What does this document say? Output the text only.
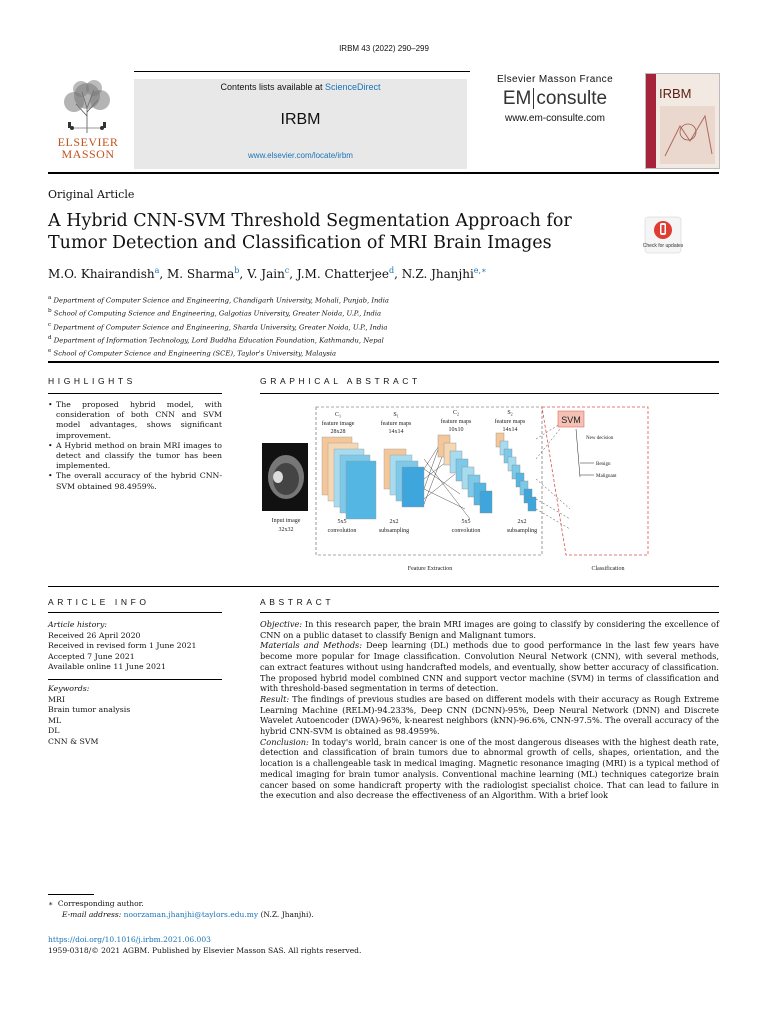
IRBM 43 (2022) 290–299
ELSEVIER
MASSON
Contents lists available at ScienceDirect
IRBM
www.elsevier.com/locate/irbm
Elsevier Masson France
EM consulte
www.em-consulte.com
IRBM
Original Article
A Hybrid CNN-SVM Threshold Segmentation Approach for Tumor Detection and Classification of MRI Brain Images	Check for updates
M.O. Khairandish$^a$, M. Sharma$^b$, V. Jain$^c$, J.M. Chatterjee$^d$, N.Z. Jhanjhi$^{e,∗}$
$^a$ Department of Computer Science and Engineering, Chandigarh University, Mohali, Punjab, India
$^b$ School of Computing Science and Engineering, Galgotias University, Greater Noida, U.P., India
$^c$ Department of Computer Science and Engineering, Sharda University, Greater Noida, U.P., India
$^d$ Department of Information Technology, Lord Buddha Education Foundation, Kathmandu, Nepal
$^e$ School of Computer Science and Engineering (SCE), Taylor's University, Malaysia
HIGHLIGHTS
• The proposed hybrid model, with consideration of both CNN and SVM model advantages, shows significant improvement.
• A Hybrid method on brain MRI images to detect and classify the tumor has been implemented.
• The overall accuracy of the hybrid CNN-SVM obtained 98.4959%.
GRAPHICAL ABSTRACT
Input image
32x32
$C_1$
feature image
28x28
$S_1$
feature maps
14x14
$C_2$
feature maps
10x10
$S_2$
feature maps
14x14
5x5
convolution
2x2
subsampling
5x5
convolution
2x2
subsampling
SVM
New decision
Benign
Malignant
Feature Extraction	Classification
ARTICLE INFO
Article history:
Received 26 April 2020
Received in revised form 1 June 2021
Accepted 7 June 2021
Available online 11 June 2021
Keywords:
MRI
Brain tumor analysis
ML
DL
CNN & SVM
ABSTRACT
Objective: In this research paper, the brain MRI images are going to classify by considering the excellence of CNN on a public dataset to classify Benign and Malignant tumors.
Materials and Methods: Deep learning (DL) methods due to good performance in the last few years have become more popular for Image classification. Convolution Neural Network (CNN), with several methods, can extract features without using handcrafted models, and eventually, show better accuracy of classification. The proposed hybrid model combined CNN and support vector machine (SVM) in terms of classification and with threshold-based segmentation in terms of detection.
Result: The findings of previous studies are based on different models with their accuracy as Rough Extreme Learning Machine (RELM)-94.233%, Deep CNN (DCNN)-95%, Deep Neural Network (DNN) and Discrete Wavelet Autoencoder (DWA)-96%, k-nearest neighbors (kNN)-96.6%, CNN-97.5%. The overall accuracy of the hybrid CNN-SVM is obtained as 98.4959%.
Conclusion: In today's world, brain cancer is one of the most dangerous diseases with the highest death rate, detection and classification of brain tumors due to abnormal growth of cells, shapes, orientation, and the location is a challengeable task in medical imaging. Magnetic resonance imaging (MRI) is a typical method of medical imaging for brain tumor analysis. Conventional machine learning (ML) techniques categorize brain cancer based on some handicraft property with the radiologist specialist choice. That can lead to failure in the execution and also decrease the effectiveness of an Algorithm. With a brief look
∗ Corresponding author.
E-mail address: noorzaman.jhanjhi@taylors.edu.my (N.Z. Jhanjhi).
https://doi.org/10.1016/j.irbm.2021.06.003
1959-0318/© 2021 AGBM. Published by Elsevier Masson SAS. All rights reserved.
